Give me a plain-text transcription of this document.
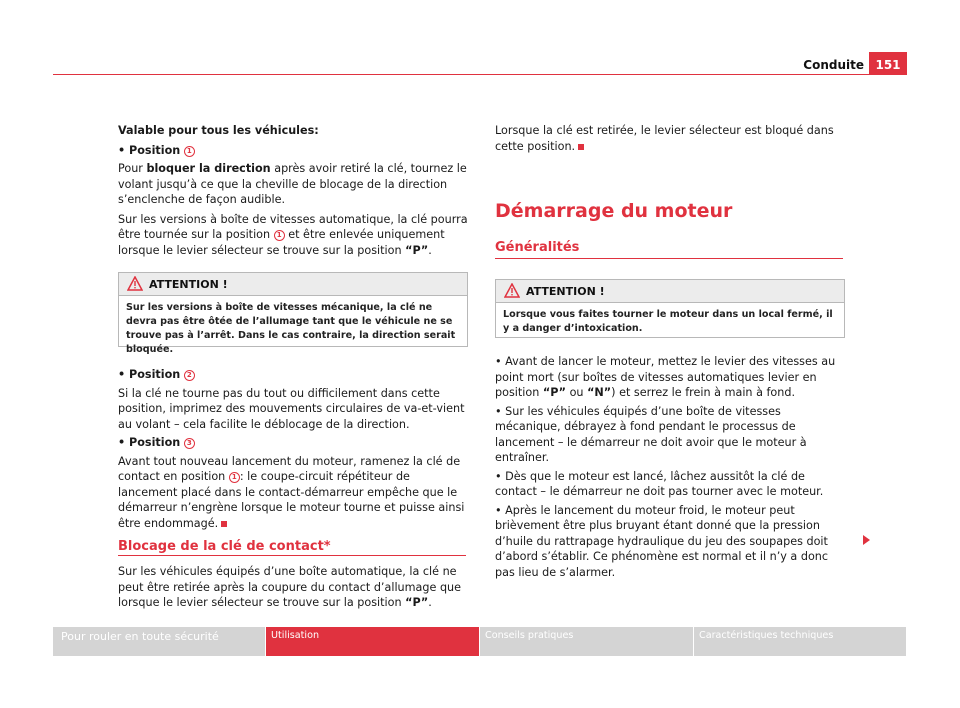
Conduite 151

Valable pour tous les véhicules:

• Position 1

Pour bloquer la direction après avoir retiré la clé, tournez le volant jusqu’à ce que la cheville de blocage de la direction s’enclenche de façon audible.

Sur les versions à boîte de vitesses automatique, la clé pourra être tournée sur la position 1 et être enlevée uniquement lorsque le levier sélecteur se trouve sur la position “P”.

ATTENTION !
Sur les versions à boîte de vitesses mécanique, la clé ne devra pas être ôtée de l’allumage tant que le véhicule ne se trouve pas à l’arrêt. Dans le cas contraire, la direction serait bloquée.

• Position 2

Si la clé ne tourne pas du tout ou difficilement dans cette position, imprimez des mouvements circulaires de va-et-vient au volant – cela facilite le déblocage de la direction.

• Position 3

Avant tout nouveau lancement du moteur, ramenez la clé de contact en position 1 : le coupe-circuit répétiteur de lancement placé dans le contact-démarreur empêche que le démarreur n’engrène lorsque le moteur tourne et puisse ainsi être endommagé.

Blocage de la clé de contact*

Sur les véhicules équipés d’une boîte automatique, la clé ne peut être retirée après la coupure du contact d’allumage que lorsque le levier sélecteur se trouve sur la position “P”.

Lorsque la clé est retirée, le levier sélecteur est bloqué dans cette position.

Démarrage du moteur
Généralités
ATTENTION !
Lorsque vous faites tourner le moteur dans un local fermé, il y a danger d’intoxication.

• Avant de lancer le moteur, mettez le levier des vitesses au point mort (sur boîtes de vitesses automatiques levier en position “P” ou “N”) et serrez le frein à main à fond.

• Sur les véhicules équipés d’une boîte de vitesses mécanique, débrayez à fond pendant le processus de lancement – le démarreur ne doit avoir que le moteur à entraîner.

• Dès que le moteur est lancé, lâchez aussitôt la clé de contact – le démarreur ne doit pas tourner avec le moteur.

• Après le lancement du moteur froid, le moteur peut brièvement être plus bruyant étant donné que la pression d’huile du rattrapage hydraulique du jeu des soupapes doit d’abord s’établir. Ce phénomène est normal et il n’y a donc pas lieu de s’alarmer.

Pour rouler en toute sécurité	Utilisation	Conseils pratiques	Caractéristiques techniques
